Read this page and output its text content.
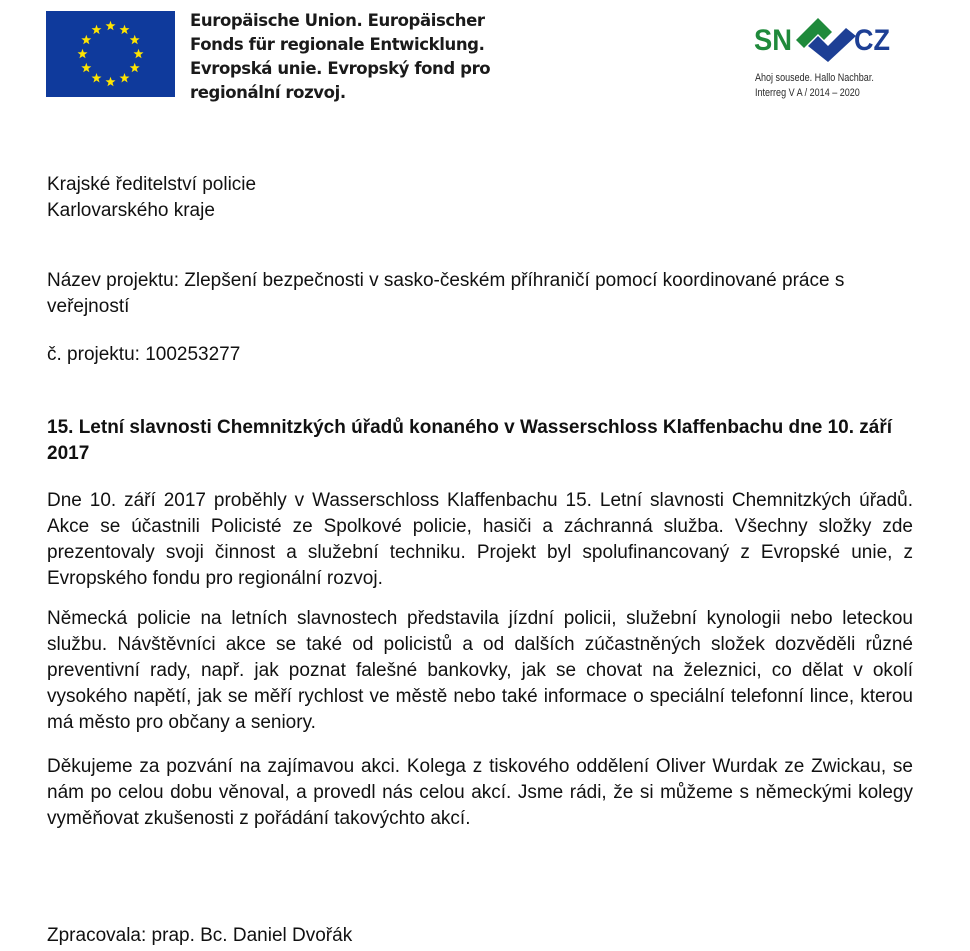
Europäische Union. Europäischer
Fonds für regionale Entwicklung.
Evropská unie. Evropský fond pro
regionální rozvoj.
SN CZ
Ahoj sousede. Hallo Nachbar.
Interreg V A / 2014 – 2020

Krajské ředitelství policie

Karlovarského kraje

Název projektu: Zlepšení bezpečnosti v sasko-českém příhraničí pomocí koordinované práce s veřejností

č. projektu: 100253277

15. Letní slavnosti Chemnitzkých úřadů konaného v Wasserschloss Klaffenbachu dne 10. září 2017

Dne 10. září 2017 proběhly v Wasserschloss Klaffenbachu 15. Letní slavnosti Chemnitzkých úřadů. Akce se účastnili Policisté ze Spolkové policie, hasiči a záchranná služba. Všechny složky zde prezentovaly svoji činnost a služební techniku. Projekt byl spolufinancovaný z Evropské unie, z Evropského fondu pro regionální rozvoj.

Německá policie na letních slavnostech představila jízdní policii, služební kynologii nebo leteckou službu. Návštěvníci akce se také od policistů a od dalších zúčastněných složek dozvěděli různé preventivní rady, např. jak poznat falešné bankovky, jak se chovat na železnici, co dělat v okolí vysokého napětí, jak se měří rychlost ve městě nebo také informace o speciální telefonní lince, kterou má město pro občany a seniory.

Děkujeme za pozvání na zajímavou akci. Kolega z tiskového oddělení Oliver Wurdak ze Zwickau, se nám po celou dobu věnoval, a provedl nás celou akcí. Jsme rádi, že si můžeme s německými kolegy vyměňovat zkušenosti z pořádání takovýchto akcí.

Zpracovala: prap. Bc. Daniel Dvořák
